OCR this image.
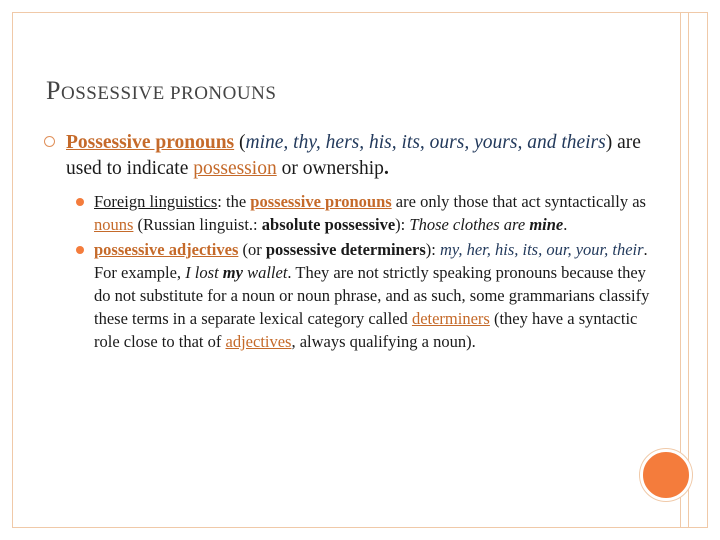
POSSESSIVE PRONOUNS
Possessive pronouns (mine, thy, hers, his, its, ours, yours, and theirs) are used to indicate possession or ownership.
Foreign linguistics: the possessive pronouns are only those that act syntactically as nouns (Russian linguist.: absolute possessive): Those clothes are mine.
possessive adjectives (or possessive determiners): my, her, his, its, our, your, their. For example, I lost my wallet. They are not strictly speaking pronouns because they do not substitute for a noun or noun phrase, and as such, some grammarians classify these terms in a separate lexical category called determiners (they have a syntactic role close to that of adjectives, always qualifying a noun).
